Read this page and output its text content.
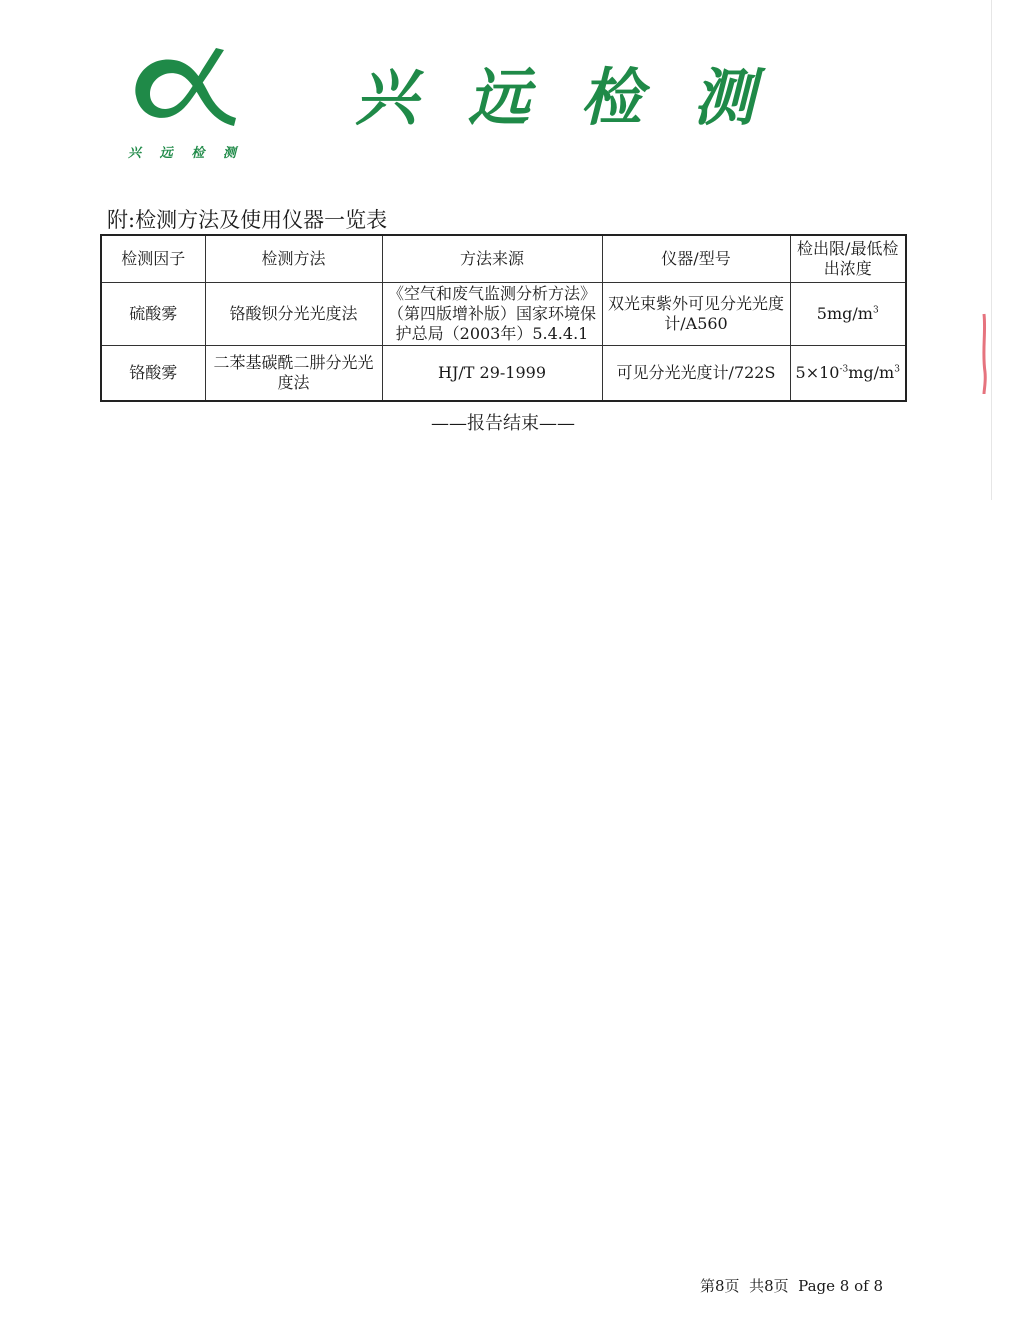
兴 远 检 测
兴 远 检 测
附:检测方法及使用仪器一览表
检测因子	检测方法	方法来源	仪器/型号	检出限/最低检出浓度
硫酸雾	铬酸钡分光光度法	《空气和废气监测分析方法》（第四版增补版）国家环境保护总局（2003年）5.4.4.1	双光束紫外可见分光光度计/A560	$5mg/m^3$
铬酸雾	二苯基碳酰二肼分光光度法	HJ/T 29-1999	可见分光光度计/722S	$5\times 10^{-3}mg/m^3$
——报告结束——
第8页  共8页  Page 8 of 8
